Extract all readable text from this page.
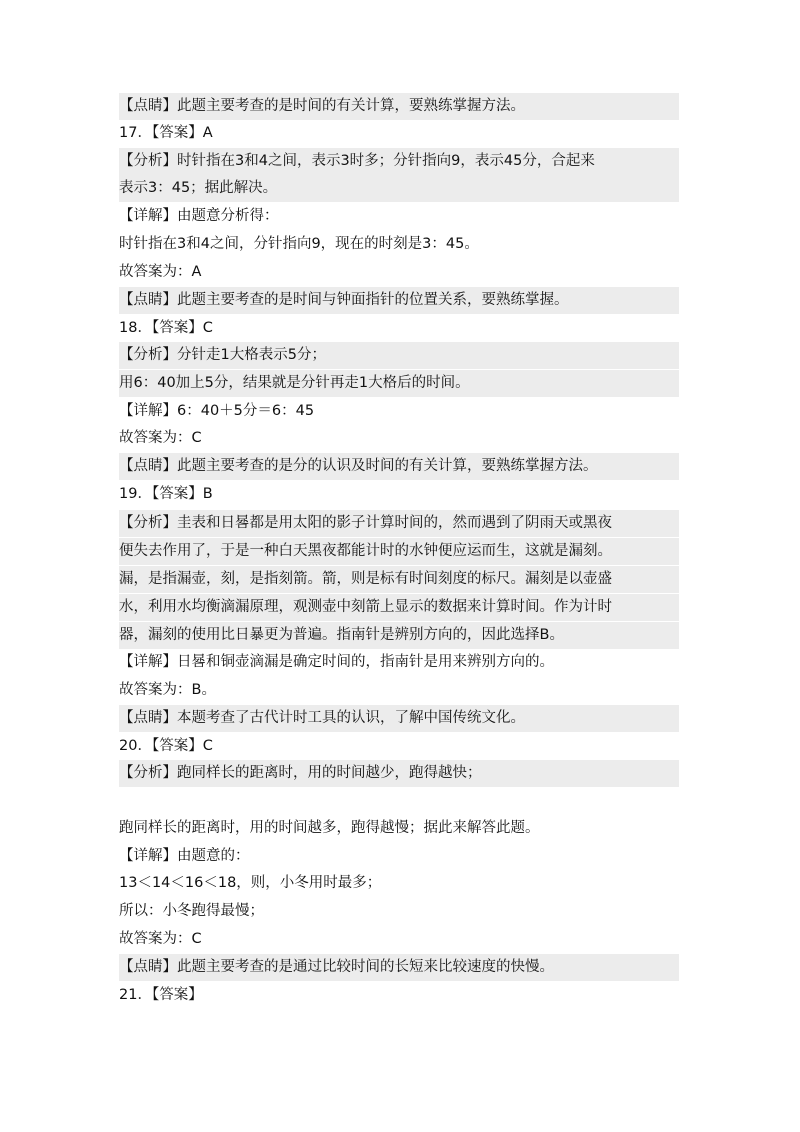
【点睛】此题主要考查的是时间的有关计算，要熟练掌握方法。
17．【答案】A
【分析】时针指在3和4之间，表示3时多；分针指向9，表示45分，合起来
表示3：45；据此解决。
【详解】由题意分析得：
时针指在3和4之间，分针指向9，现在的时刻是3：45。
故答案为：A
【点睛】此题主要考查的是时间与钟面指针的位置关系，要熟练掌握。
18．【答案】C
【分析】分针走1大格表示5分；
用6：40加上5分，结果就是分针再走1大格后的时间。
【详解】6：40＋5分＝6：45
故答案为：C
【点睛】此题主要考查的是分的认识及时间的有关计算，要熟练掌握方法。
19．【答案】B
【分析】圭表和日晷都是用太阳的影子计算时间的，然而遇到了阴雨天或黑夜
便失去作用了，于是一种白天黑夜都能计时的水钟便应运而生，这就是漏刻。
漏，是指漏壶，刻，是指刻箭。箭，则是标有时间刻度的标尺。漏刻是以壶盛
水，利用水均衡滴漏原理，观测壶中刻箭上显示的数据来计算时间。作为计时
器，漏刻的使用比日暴更为普遍。指南针是辨别方向的，因此选择B。
【详解】日晷和铜壶滴漏是确定时间的，指南针是用来辨别方向的。
故答案为：B。
【点睛】本题考查了古代计时工具的认识，了解中国传统文化。
20．【答案】C
【分析】跑同样长的距离时，用的时间越少，跑得越快；
跑同样长的距离时，用的时间越多，跑得越慢；据此来解答此题。
【详解】由题意的：
13＜14＜16＜18，则，小冬用时最多；
所以：小冬跑得最慢；
故答案为：C
【点睛】此题主要考查的是通过比较时间的长短来比较速度的快慢。
21．【答案】
